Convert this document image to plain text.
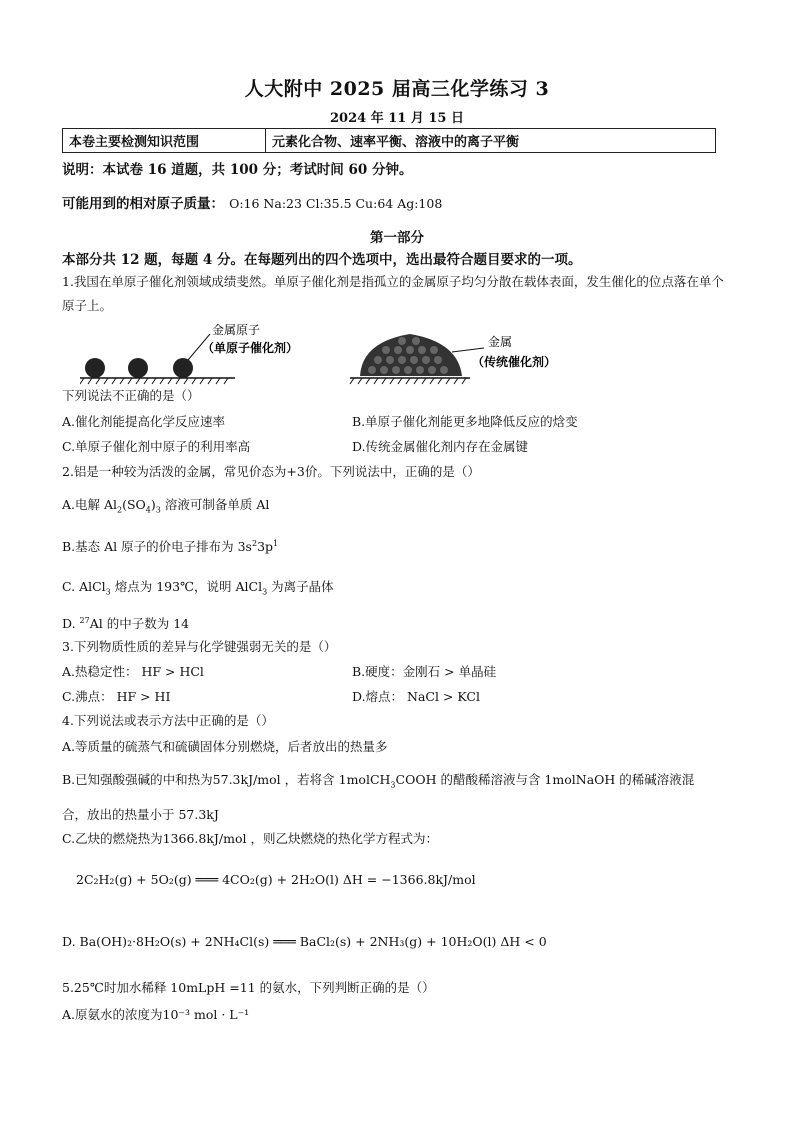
人大附中 2025 届高三化学练习 3
2024 年 11 月 15 日
本卷主要检测知识范围	元素化合物、速率平衡、溶液中的离子平衡
说明：本试卷 16 道题，共 100 分；考试时间 60 分钟。
可能用到的相对原子质量： O:16 Na:23 Cl:35.5 Cu:64 Ag:108
第一部分
本部分共 12 题，每题 4 分。在每题列出的四个选项中，选出最符合题目要求的一项。
1.我国在单原子催化剂领域成绩斐然。单原子催化剂是指孤立的金属原子均匀分散在载体表面，发生催化的位点落在单个原子上。
金属原子
（单原子催化剂）	金属
（传统催化剂）
下列说法不正确的是（）
A.催化剂能提高化学反应速率	B.单原子催化剂能更多地降低反应的焓变
C.单原子催化剂中原子的利用率高	D.传统金属催化剂内存在金属键
2.铝是一种较为活泼的金属，常见价态为+3价。下列说法中，正确的是（）
A.电解 $Al_2(SO_4)_3$ 溶液可制备单质 Al
B.基态 Al 原子的价电子排布为 $3s^23p^1$
C. AlCl$_3$ 熔点为 193℃，说明 AlCl$_3$ 为离子晶体
D. $^{27}$Al 的中子数为 14
3.下列物质性质的差异与化学键强弱无关的是（）
A.热稳定性： HF > HCl	B.硬度：金刚石 > 单晶硅
C.沸点： HF > HI	D.熔点： NaCl > KCl
4.下列说法或表示方法中正确的是（）
A.等质量的硫蒸气和硫磺固体分别燃烧，后者放出的热量多
B.已知强酸强碱的中和热为57.3kJ/mol ，若将含 1molCH$_3$COOH 的醋酸稀溶液与含 1molNaOH 的稀碱溶液混
合，放出的热量小于 57.3kJ
C.乙炔的燃烧热为1366.8kJ/mol ，则乙炔燃烧的热化学方程式为：
2C₂H₂(g) + 5O₂(g) ═══ 4CO₂(g) + 2H₂O(l) ΔH = −1366.8kJ/mol
D. Ba(OH)₂·8H₂O(s) + 2NH₄Cl(s) ═══ BaCl₂(s) + 2NH₃(g) + 10H₂O(l) ΔH < 0
5.25℃时加水稀释 10mLpH =11 的氨水，下列判断正确的是（）
A.原氨水的浓度为10⁻³ mol · L⁻¹
